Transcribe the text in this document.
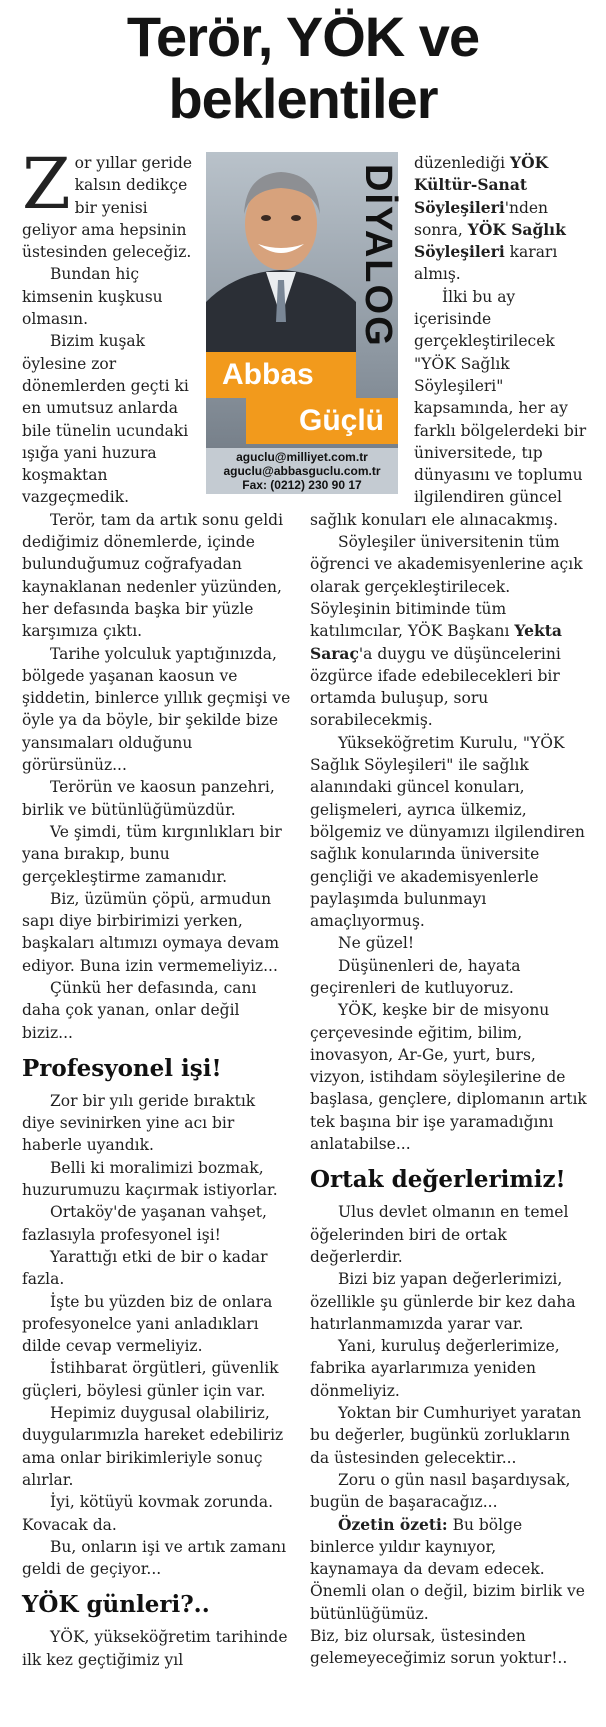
Terör, YÖK ve beklentiler
DİYALOG
Abbas
Güçlü
aguclu@milliyet.com.tr
aguclu@abbasguclu.com.tr
Fax: (0212) 230 90 17

Zor yıllar geride kalsın dedikçe bir yenisi geliyor ama hepsinin üstesinden geleceğiz.

Bundan hiç kimsenin kuşkusu olmasın.

Bizim kuşak öylesine zor dönemlerden geçti ki en umutsuz anlarda bile tünelin ucundaki ışığa yani huzura koşmaktan vazgeçmedik.

Terör, tam da artık sonu geldi dediğimiz dönemlerde, içinde bulunduğumuz coğrafyadan kaynaklanan nedenler yüzünden, her defasında başka bir yüzle karşımıza çıktı.

Tarihe yolculuk yaptığınızda, bölgede yaşanan kaosun ve şiddetin, binlerce yıllık geçmişi ve öyle ya da böyle, bir şekilde bize yansımaları olduğunu görürsünüz...

Terörün ve kaosun panzehri, birlik ve bütünlüğümüzdür.

Ve şimdi, tüm kırgınlıkları bir yana bırakıp, bunu gerçekleştirme zamanıdır.

Biz, üzümün çöpü, armudun sapı diye birbirimizi yerken, başkaları altımızı oymaya devam ediyor. Buna izin vermemeliyiz...

Çünkü her defasında, canı daha çok yanan, onlar değil biziz...

Profesyonel işi!

Zor bir yılı geride bıraktık diye sevinirken yine acı bir haberle uyandık.

Belli ki moralimizi bozmak, huzurumuzu kaçırmak istiyorlar.

Ortaköy'de yaşanan vahşet, fazlasıyla profesyonel işi!

Yarattığı etki de bir o kadar fazla.

İşte bu yüzden biz de onlara profesyonelce yani anladıkları dilde cevap vermeliyiz.

İstihbarat örgütleri, güvenlik güçleri, böylesi günler için var.

Hepimiz duygusal olabiliriz, duygularımızla hareket edebiliriz ama onlar birikimleriyle sonuç alırlar.

İyi, kötüyü kovmak zorunda. Kovacak da.

Bu, onların işi ve artık zamanı geldi de geçiyor...

YÖK günleri?..

YÖK, yükseköğretim tarihinde ilk kez geçtiğimiz yıl

düzenlediği YÖK Kültür-Sanat Söyleşileri'nden sonra, YÖK Sağlık Söyleşileri kararı almış.

İlki bu ay içerisinde gerçekleştirilecek "YÖK Sağlık Söyleşileri" kapsamında, her ay farklı bölgelerdeki bir üniversitede, tıp dünyasını ve toplumu ilgilendiren güncel sağlık konuları ele alınacakmış.

Söyleşiler üniversitenin tüm öğrenci ve akademisyenlerine açık olarak gerçekleştirilecek. Söyleşinin bitiminde tüm katılımcılar, YÖK Başkanı Yekta Saraç'a duygu ve düşüncelerini özgürce ifade edebilecekleri bir ortamda buluşup, soru sorabilecekmiş.

Yükseköğretim Kurulu, "YÖK Sağlık Söyleşileri" ile sağlık alanındaki güncel konuları, gelişmeleri, ayrıca ülkemiz, bölgemiz ve dünyamızı ilgilendiren sağlık konularında üniversite gençliği ve akademisyenlerle paylaşımda bulunmayı amaçlıyormuş.

Ne güzel!

Düşünenleri de, hayata geçirenleri de kutluyoruz.

YÖK, keşke bir de misyonu çerçevesinde eğitim, bilim, inovasyon, Ar-Ge, yurt, burs, vizyon, istihdam söyleşilerine de başlasa, gençlere, diplomanın artık tek başına bir işe yaramadığını anlatabilse...

Ortak değerlerimiz!

Ulus devlet olmanın en temel öğelerinden biri de ortak değerlerdir.

Bizi biz yapan değerlerimizi, özellikle şu günlerde bir kez daha hatırlanmamızda yarar var.

Yani, kuruluş değerlerimize, fabrika ayarlarımıza yeniden dönmeliyiz.

Yoktan bir Cumhuriyet yaratan bu değerler, bugünkü zorlukların da üstesinden gelecektir...

Zoru o gün nasıl başardıysak, bugün de başaracağız...

Özetin özeti: Bu bölge binlerce yıldır kaynıyor, kaynamaya da devam edecek. Önemli olan o değil, bizim birlik ve bütünlüğümüz.

Biz, biz olursak, üstesinden gelemeyeceğimiz sorun yoktur!..
